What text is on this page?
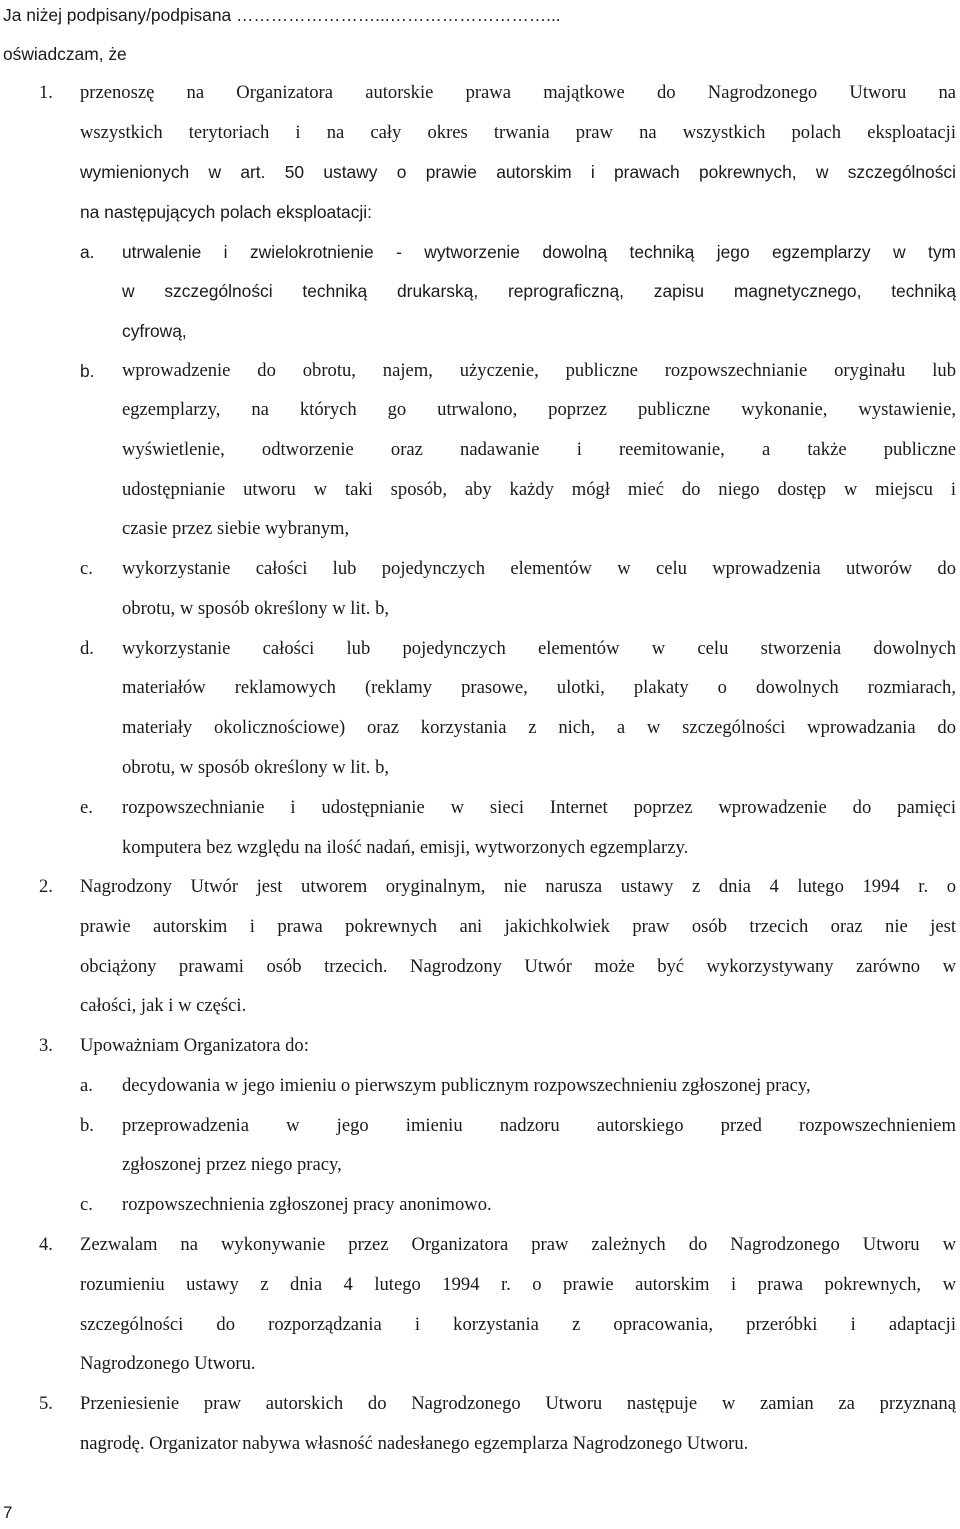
Ja niżej podpisany/podpisana ……………………...………………………...
oświadczam, że
1. przenoszę na Organizatora autorskie prawa majątkowe do Nagrodzonego Utworu na
wszystkich terytoriach i na cały okres trwania praw na wszystkich polach eksploatacji
wymienionych w art. 50 ustawy o prawie autorskim i prawach pokrewnych, w szczególności
na następujących polach eksploatacji:
a. utrwalenie i zwielokrotnienie - wytworzenie dowolną techniką jego egzemplarzy w tym
w szczególności techniką drukarską, reprograficzną, zapisu magnetycznego, techniką
cyfrową,
b. wprowadzenie do obrotu, najem, użyczenie, publiczne rozpowszechnianie oryginału lub
egzemplarzy, na których go utrwalono, poprzez publiczne wykonanie, wystawienie,
wyświetlenie, odtworzenie oraz nadawanie i reemitowanie, a także publiczne
udostępnianie utworu w taki sposób, aby każdy mógł mieć do niego dostęp w miejscu i
czasie przez siebie wybranym,
c. wykorzystanie całości lub pojedynczych elementów w celu wprowadzenia utworów do
obrotu, w sposób określony w lit. b,
d. wykorzystanie całości lub pojedynczych elementów w celu stworzenia dowolnych
materiałów reklamowych (reklamy prasowe, ulotki, plakaty o dowolnych rozmiarach,
materiały okolicznościowe) oraz korzystania z nich, a w szczególności wprowadzania do
obrotu, w sposób określony w lit. b,
e. rozpowszechnianie i udostępnianie w sieci Internet poprzez wprowadzenie do pamięci
komputera bez względu na ilość nadań, emisji, wytworzonych egzemplarzy.
2. Nagrodzony Utwór jest utworem oryginalnym, nie narusza ustawy z dnia 4 lutego 1994 r. o
prawie autorskim i prawa pokrewnych ani jakichkolwiek praw osób trzecich oraz nie jest
obciążony prawami osób trzecich. Nagrodzony Utwór może być wykorzystywany zarówno w
całości, jak i w części.
3. Upoważniam Organizatora do:
a. decydowania w jego imieniu o pierwszym publicznym rozpowszechnieniu zgłoszonej pracy,
b. przeprowadzenia w jego imieniu nadzoru autorskiego przed rozpowszechnieniem
zgłoszonej przez niego pracy,
c. rozpowszechnienia zgłoszonej pracy anonimowo.
4. Zezwalam na wykonywanie przez Organizatora praw zależnych do Nagrodzonego Utworu w
rozumieniu ustawy z dnia 4 lutego 1994 r. o prawie autorskim i prawa pokrewnych, w
szczególności do rozporządzania i korzystania z opracowania, przeróbki i adaptacji
Nagrodzonego Utworu.
5. Przeniesienie praw autorskich do Nagrodzonego Utworu następuje w zamian za przyznaną
nagrodę. Organizator nabywa własność nadesłanego egzemplarza Nagrodzonego Utworu.
7
